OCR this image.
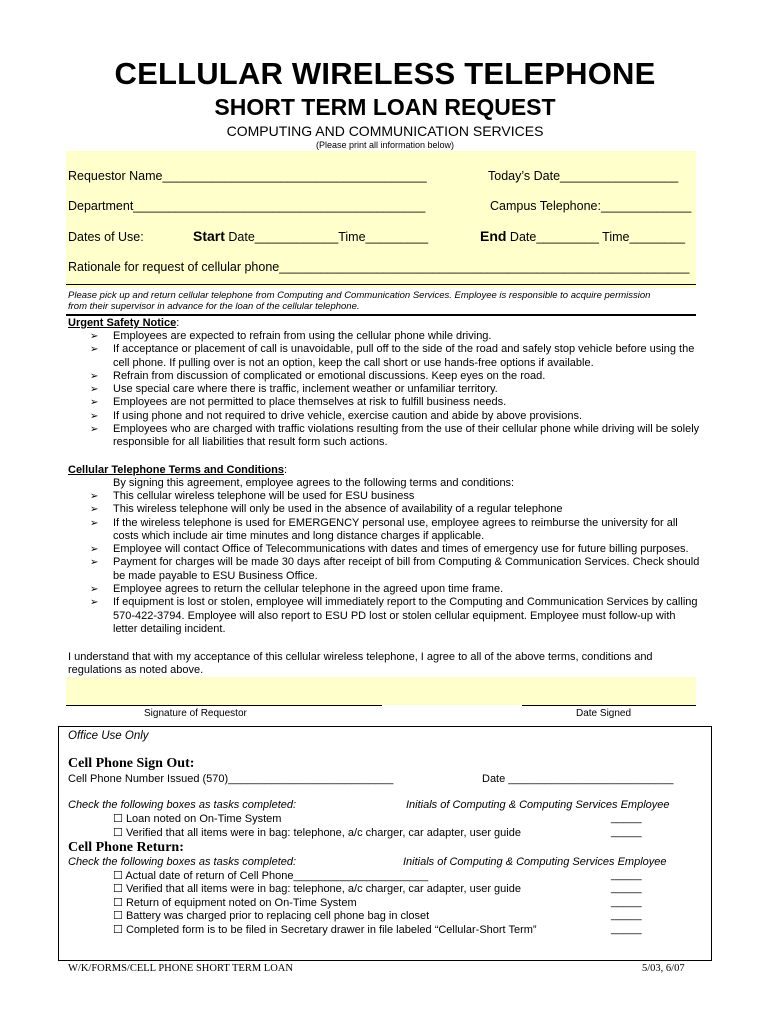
CELLULAR WIRELESS TELEPHONE
SHORT TERM LOAN REQUEST
COMPUTING AND COMMUNICATION SERVICES
(Please print all information below)
Requestor Name______________________________________	Today’s Date_________________
Department__________________________________________	Campus Telephone:_____________
Dates of Use:	Start Date____________Time_________	End Date_________ Time________
Rationale for request of cellular phone___________________________________________________________
Please pick up and return cellular telephone from Computing and Communication Services. Employee is responsible to acquire permission
from their supervisor in advance for the loan of the cellular telephone.
Urgent Safety Notice:
➢ Employees are expected to refrain from using the cellular phone while driving.
➢ If acceptance or placement of call is unavoidable, pull off to the side of the road and safely stop vehicle before using the cell phone. If pulling over is not an option, keep the call short or use hands-free options if available.
➢ Refrain from discussion of complicated or emotional discussions. Keep eyes on the road.
➢ Use special care where there is traffic, inclement weather or unfamiliar territory.
➢ Employees are not permitted to place themselves at risk to fulfill business needs.
➢ If using phone and not required to drive vehicle, exercise caution and abide by above provisions.
➢ Employees who are charged with traffic violations resulting from the use of their cellular phone while driving will be solely responsible for all liabilities that result form such actions.
Cellular Telephone Terms and Conditions:
By signing this agreement, employee agrees to the following terms and conditions:
➢ This cellular wireless telephone will be used for ESU business
➢ This wireless telephone will only be used in the absence of availability of a regular telephone
➢ If the wireless telephone is used for EMERGENCY personal use, employee agrees to reimburse the university for all costs which include air time minutes and long distance charges if applicable.
➢ Employee will contact Office of Telecommunications with dates and times of emergency use for future billing purposes.
➢ Payment for charges will be made 30 days after receipt of bill from Computing & Communication Services. Check should be made payable to ESU Business Office.
➢ Employee agrees to return the cellular telephone in the agreed upon time frame.
➢ If equipment is lost or stolen, employee will immediately report to the Computing and Communication Services by calling 570-422-3794. Employee will also report to ESU PD lost or stolen cellular equipment. Employee must follow-up with letter detailing incident.
I understand that with my acceptance of this cellular wireless telephone, I agree to all of the above terms, conditions and
regulations as noted above.
Signature of Requestor	Date Signed
Office Use Only
Cell Phone Sign Out:
Cell Phone Number Issued (570)___________________________	Date ___________________________
Check the following boxes as tasks completed:	Initials of Computing & Computing Services Employee
☐ Loan noted on On-Time System	_____
☐ Verified that all items were in bag: telephone, a/c charger, car adapter, user guide	_____
Cell Phone Return:
Check the following boxes as tasks completed:	Initials of Computing & Computing Services Employee
☐ Actual date of return of Cell Phone______________________	_____
☐ Verified that all items were in bag: telephone, a/c charger, car adapter, user guide	_____
☐ Return of equipment noted on On-Time System	_____
☐ Battery was charged prior to replacing cell phone bag in closet	_____
☐ Completed form is to be filed in Secretary drawer in file labeled “Cellular-Short Term”	_____
W/K/FORMS/CELL PHONE SHORT TERM LOAN	5/03, 6/07
